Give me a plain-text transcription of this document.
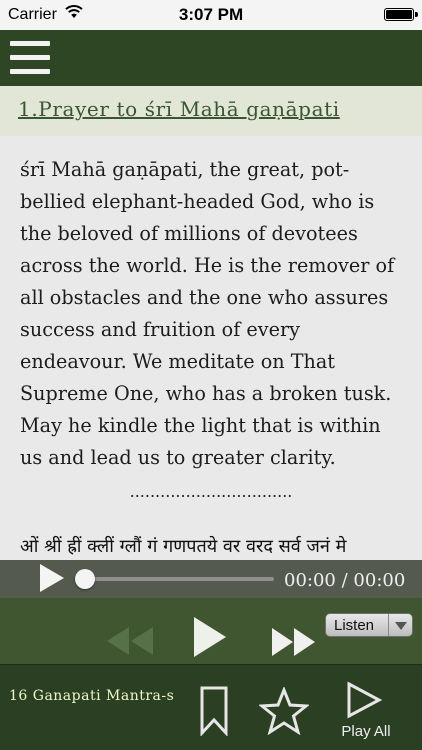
Carrier	3:07 PM
1.Prayer to śrī Mahā gaṇāpati
śrī Mahā gaṇāpati, the great, pot-bellied elephant-headed God, who is the beloved of millions of devotees across the world. He is the remover of all obstacles and the one who assures success and fruition of every endeavour. We meditate on That Supreme One, who has a broken tusk. May he kindle the light that is within us and lead us to greater clarity.
................................
ओं श्रीं ह्रीं क्लीं ग्लौं गं गणपतये वर वरद सर्व जनं मे
00:00 / 00:00
Listen
16 Ganapati Mantra-s
Play All
